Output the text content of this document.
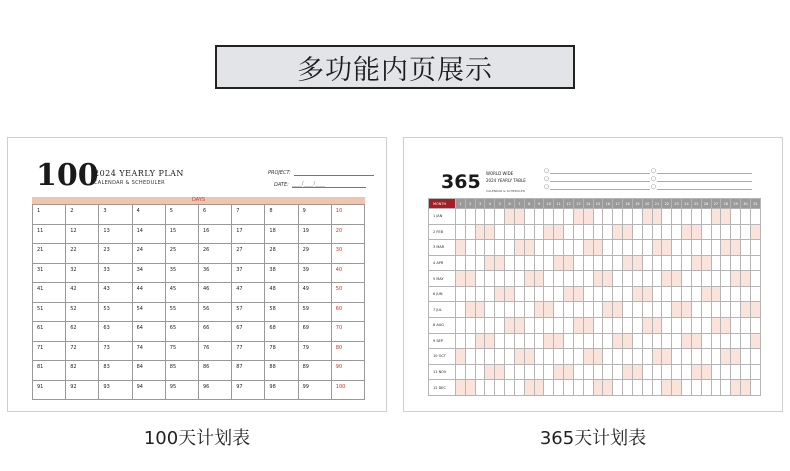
多功能内页展示
100
2024 YEARLY PLAN
CALENDAR & SCHEDULER
PROJECT:
DATE: ____/____/____
DAYS
1	2	3	4	5	6	7	8	9	10
11	12	13	14	15	16	17	18	19	20
21	22	23	24	25	26	27	28	29	30
31	32	33	34	35	36	37	38	39	40
41	42	43	44	45	46	47	48	49	50
51	52	53	54	55	56	57	58	59	60
61	62	63	64	65	66	67	68	69	70
71	72	73	74	75	76	77	78	79	80
81	82	83	84	85	86	87	88	89	90
91	92	93	94	95	96	97	98	99	100
365 WORLD WIDE
2024 YEARLY TABLE
CALENDAR & SCHEDULER
MONTH	1	2	3	4	5	6	7	8	9	10	11	12	13	14	15	16	17	18	19	20	21	22	23	24	25	26	27	28	29	30	31
1 JAN																															
2 FEB																															
3 MAR																															
4 APR																															
5 MAY																															
6 JUN																															
7 JUL																															
8 AUG																															
9 SEP																															
10 OCT																															
11 NOV																															
12 DEC																															
▢
▢
▢
▢
▢
▢
100天计划表	365天计划表
